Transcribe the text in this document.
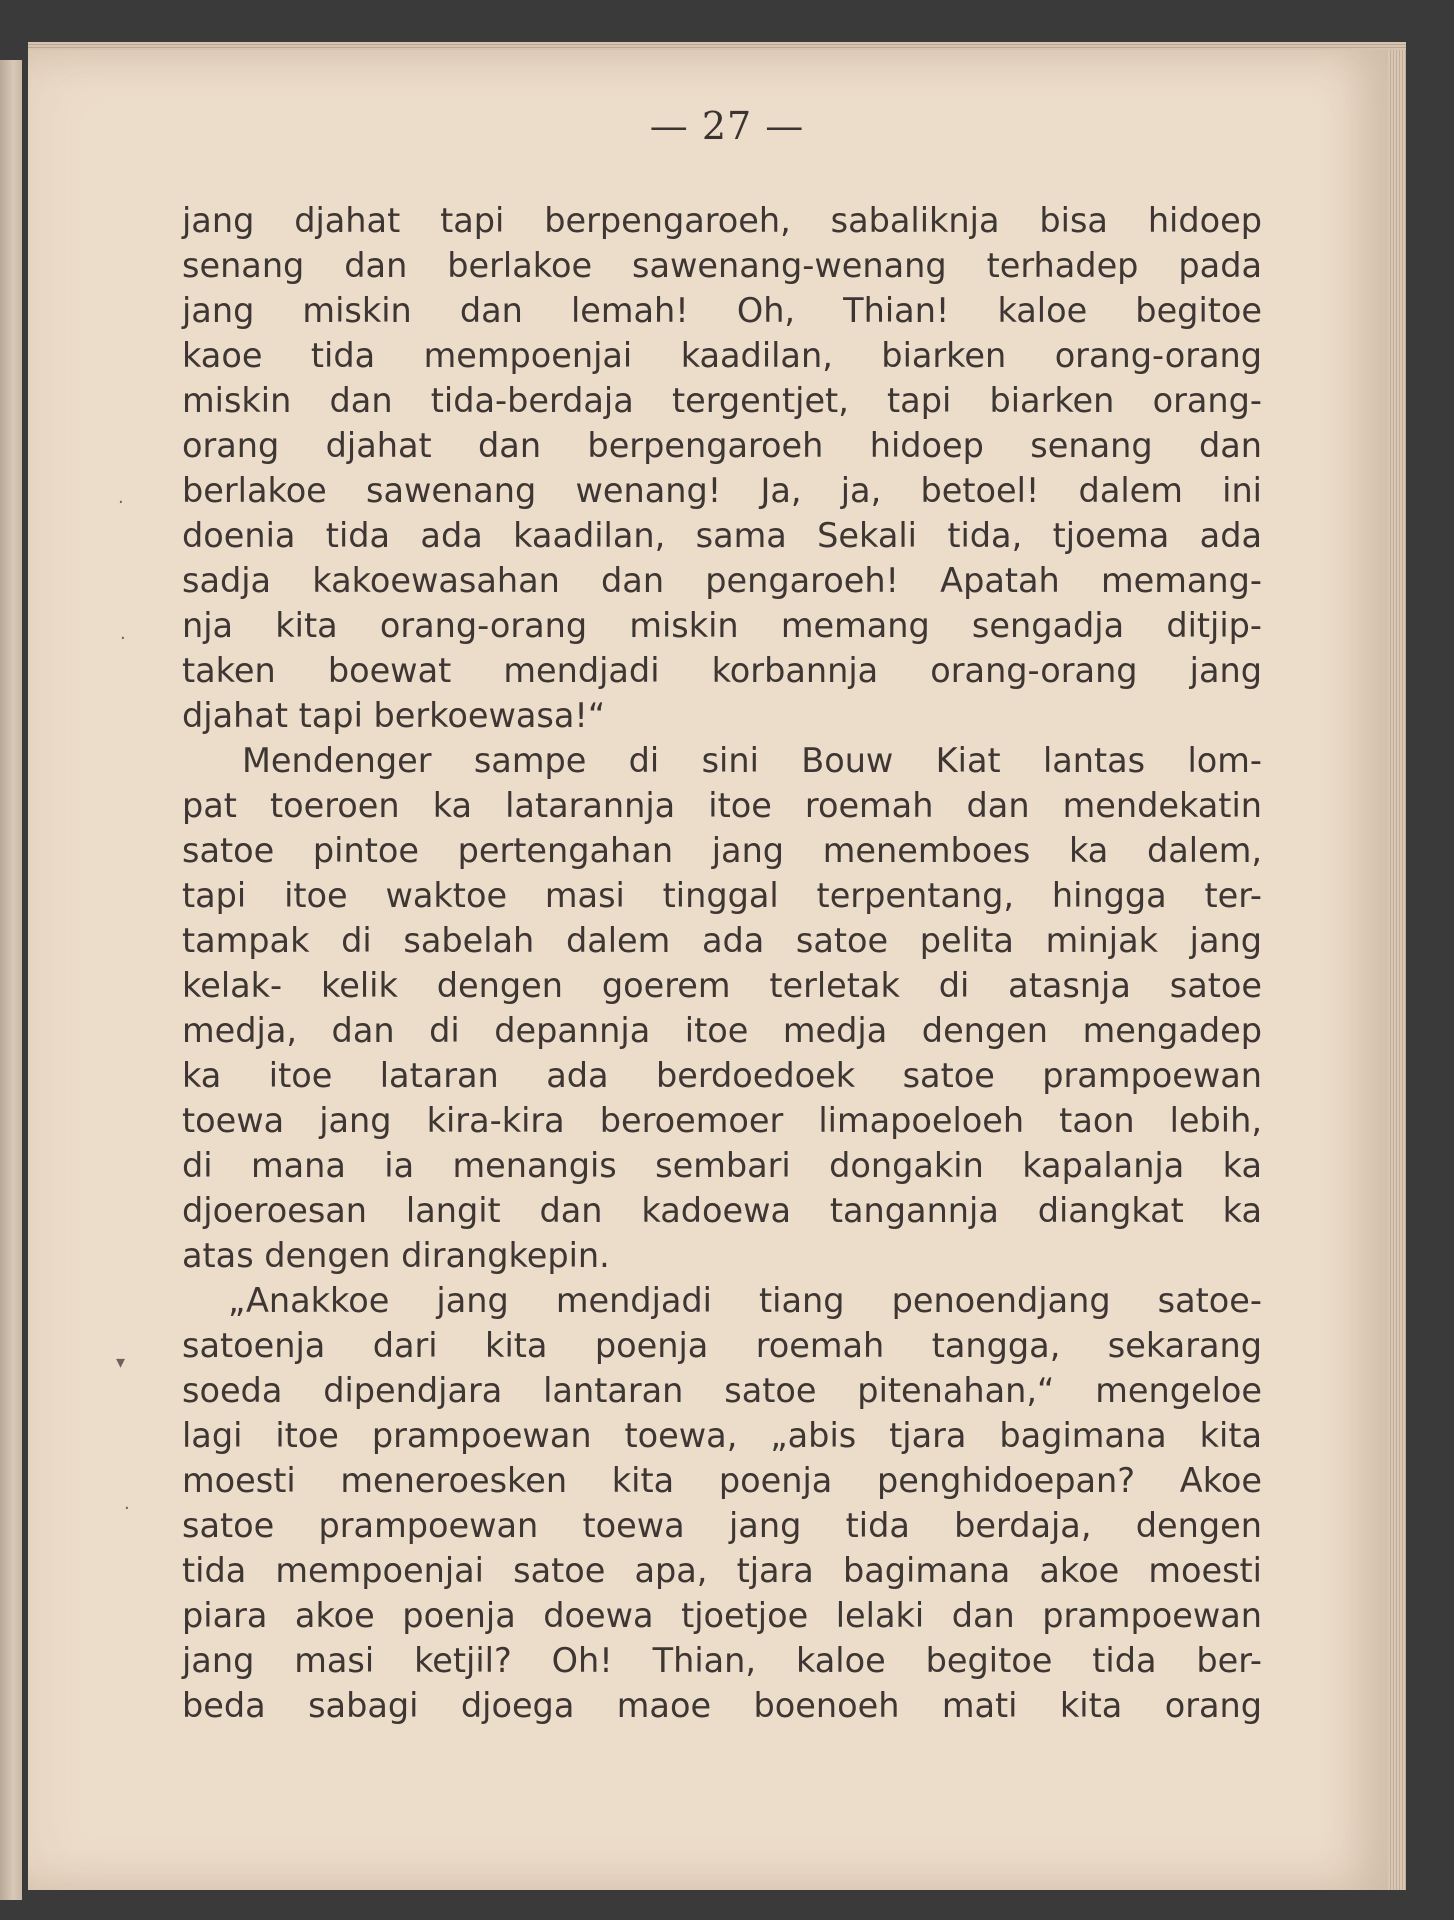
— 27 —
·
·
▾
·
jang djahat tapi berpengaroeh, sabaliknja bisa hidoep
senang dan berlakoe sawenang-wenang terhadep pada
jang miskin dan lemah! Oh, Thian! kaloe begitoe
kaoe tida mempoenjai kaadilan, biarken orang-orang
miskin dan tida-berdaja tergentjet, tapi biarken orang-
orang djahat dan berpengaroeh hidoep senang dan
berlakoe sawenang wenang! Ja, ja, betoel! dalem ini
doenia tida ada kaadilan, sama Sekali tida, tjoema ada
sadja kakoewasahan dan pengaroeh! Apatah memang-
nja kita orang-orang miskin memang sengadja ditjip-
taken boewat mendjadi korbannja orang-orang jang
djahat tapi berkoewasa!“
Mendenger sampe di sini Bouw Kiat lantas lom-
pat toeroen ka latarannja itoe roemah dan mendekatin
satoe pintoe pertengahan jang menemboes ka dalem,
tapi itoe waktoe masi tinggal terpentang, hingga ter-
tampak di sabelah dalem ada satoe pelita minjak jang
kelak- kelik dengen goerem terletak di atasnja satoe
medja, dan di depannja itoe medja dengen mengadep
ka itoe lataran ada berdoedoek satoe prampoewan
toewa jang kira-kira beroemoer limapoeloeh taon lebih,
di mana ia menangis sembari dongakin kapalanja ka
djoeroesan langit dan kadoewa tangannja diangkat ka
atas dengen dirangkepin.
„Anakkoe jang mendjadi tiang penoendjang satoe-
satoenja dari kita poenja roemah tangga, sekarang
soeda dipendjara lantaran satoe pitenahan,“ mengeloe
lagi itoe prampoewan toewa, „abis tjara bagimana kita
moesti meneroesken kita poenja penghidoepan? Akoe
satoe prampoewan toewa jang tida berdaja, dengen
tida mempoenjai satoe apa, tjara bagimana akoe moesti
piara akoe poenja doewa tjoetjoe lelaki dan prampoewan
jang masi ketjil? Oh! Thian, kaloe begitoe tida ber-
beda sabagi djoega maoe boenoeh mati kita orang
